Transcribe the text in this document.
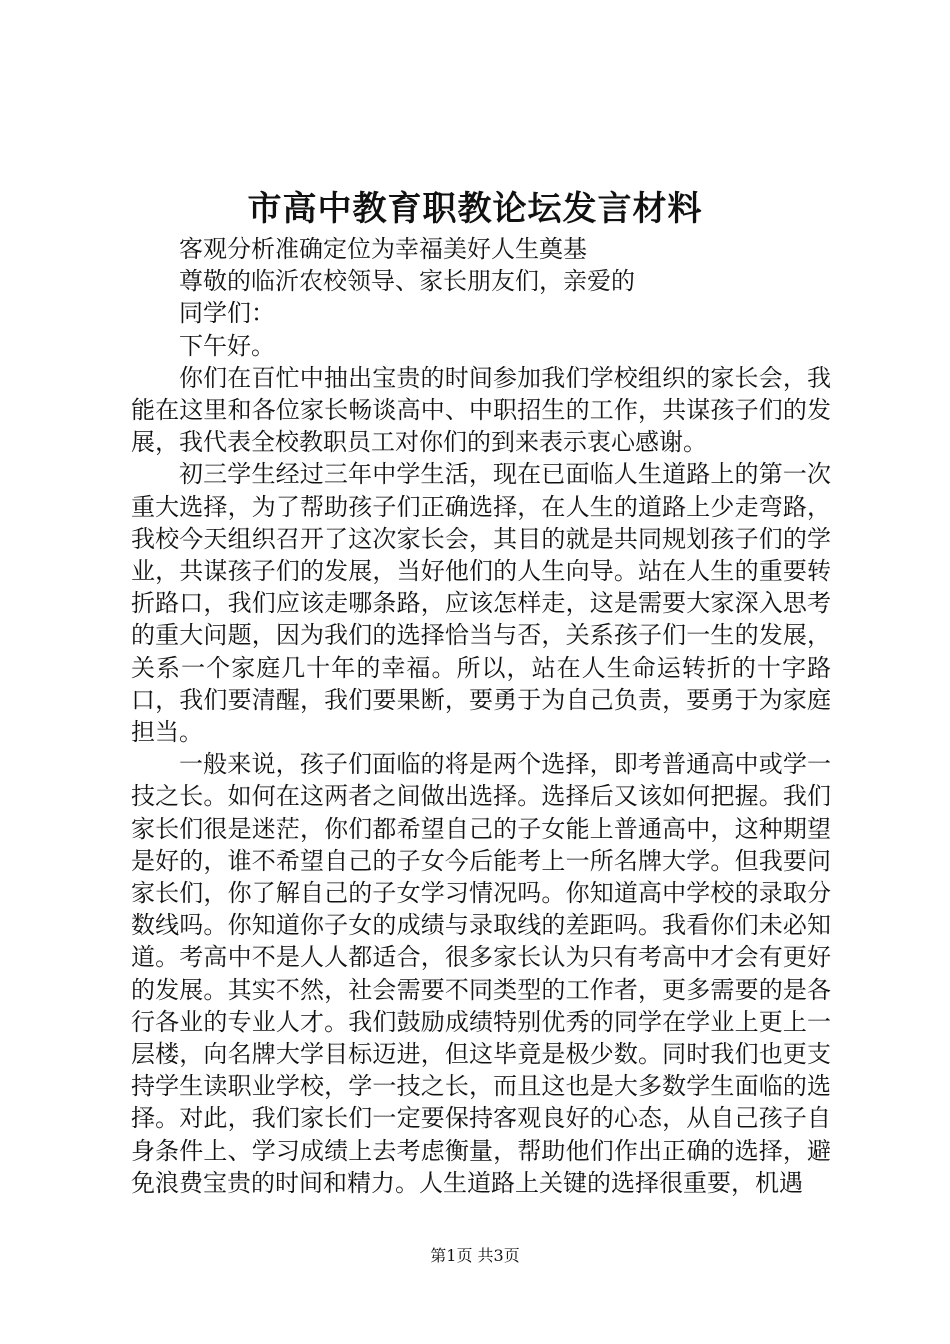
市高中教育职教论坛发言材料

客观分析准确定位为幸福美好人生奠基

尊敬的临沂农校领导、家长朋友们，亲爱的

同学们：

下午好。

你们在百忙中抽出宝贵的时间参加我们学校组织的家长会，我能在这里和各位家长畅谈高中、中职招生的工作，共谋孩子们的发展，我代表全校教职员工对你们的到来表示衷心感谢。

初三学生经过三年中学生活，现在已面临人生道路上的第一次重大选择，为了帮助孩子们正确选择，在人生的道路上少走弯路，我校今天组织召开了这次家长会，其目的就是共同规划孩子们的学业，共谋孩子们的发展，当好他们的人生向导。站在人生的重要转折路口，我们应该走哪条路，应该怎样走，这是需要大家深入思考的重大问题，因为我们的选择恰当与否，关系孩子们一生的发展，关系一个家庭几十年的幸福。所以，站在人生命运转折的十字路口，我们要清醒，我们要果断，要勇于为自己负责，要勇于为家庭担当。

一般来说，孩子们面临的将是两个选择，即考普通高中或学一技之长。如何在这两者之间做出选择。选择后又该如何把握。我们家长们很是迷茫，你们都希望自己的子女能上普通高中，这种期望是好的，谁不希望自己的子女今后能考上一所名牌大学。但我要问家长们，你了解自己的子女学习情况吗。你知道高中学校的录取分数线吗。你知道你子女的成绩与录取线的差距吗。我看你们未必知道。考高中不是人人都适合，很多家长认为只有考高中才会有更好的发展。其实不然，社会需要不同类型的工作者，更多需要的是各行各业的专业人才。我们鼓励成绩特别优秀的同学在学业上更上一层楼，向名牌大学目标迈进，但这毕竟是极少数。同时我们也更支持学生读职业学校，学一技之长，而且这也是大多数学生面临的选择。对此，我们家长们一定要保持客观良好的心态，从自己孩子自身条件上、学习成绩上去考虑衡量，帮助他们作出正确的选择，避免浪费宝贵的时间和精力。人生道路上关键的选择很重要，机遇

第1页 共3页
